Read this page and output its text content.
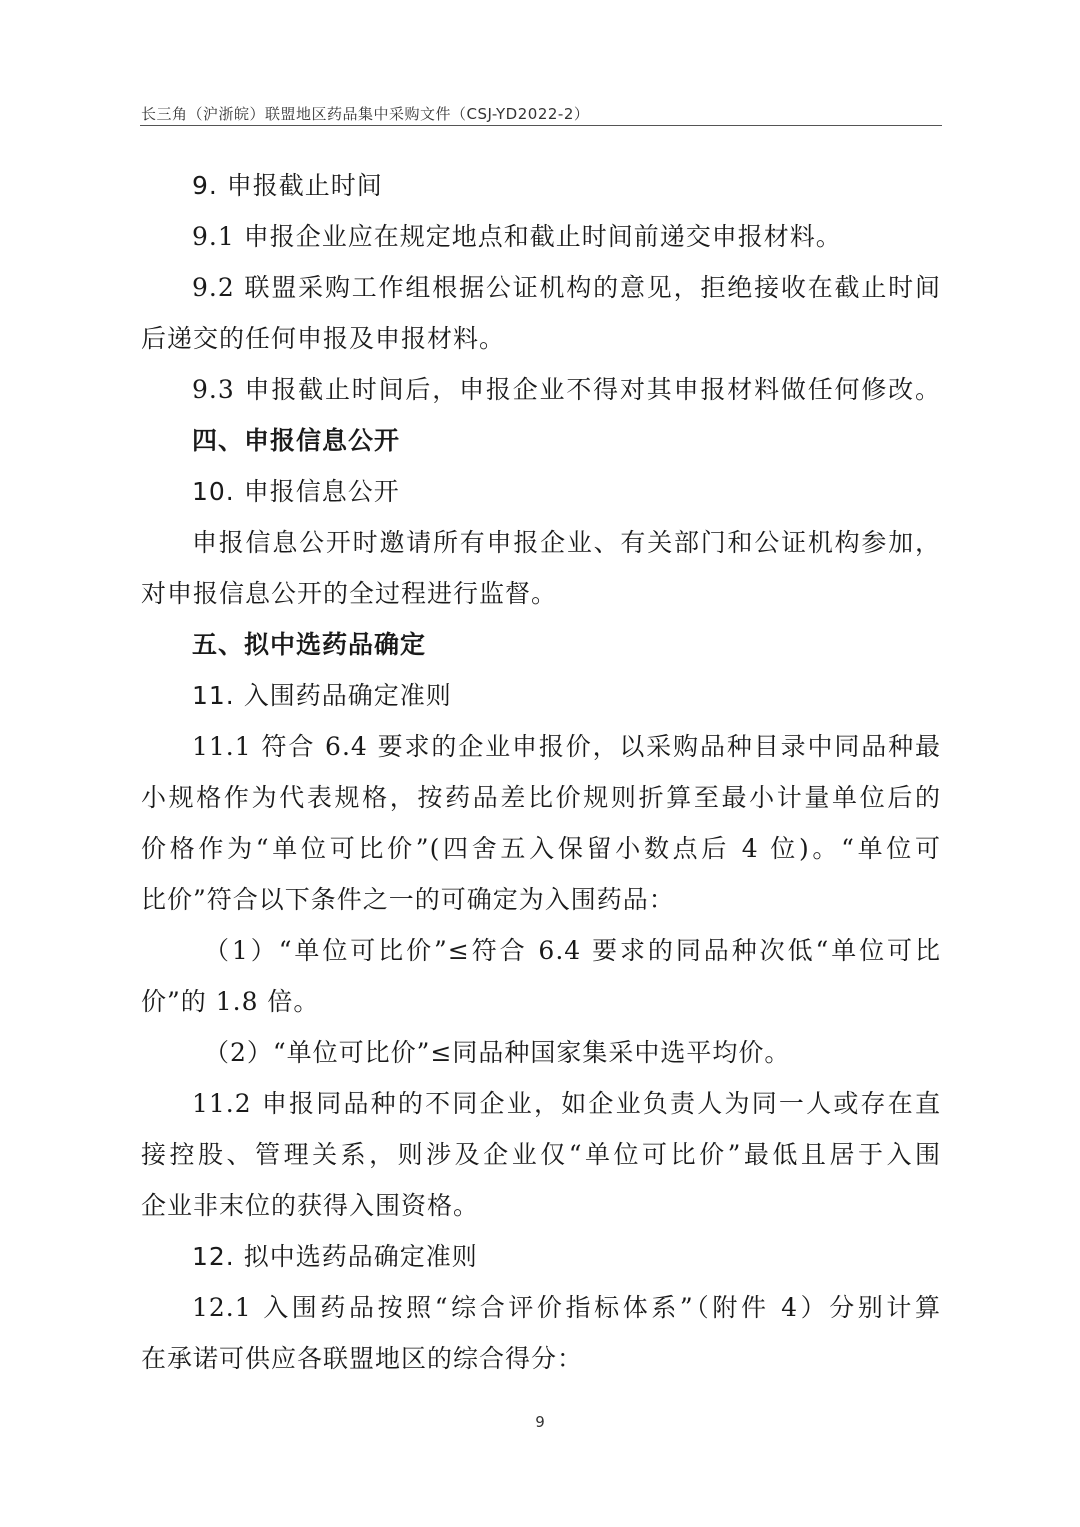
长三角（沪浙皖）联盟地区药品集中采购文件（CSJ-YD2022-2）
9. 申报截止时间
9.1 申报企业应在规定地点和截止时间前递交申报材料。
9.2 联盟采购工作组根据公证机构的意见，拒绝接收在截止时间
后递交的任何申报及申报材料。
9.3 申报截止时间后，申报企业不得对其申报材料做任何修改。
四、申报信息公开
10. 申报信息公开
申报信息公开时邀请所有申报企业、有关部门和公证机构参加，
对申报信息公开的全过程进行监督。
五、拟中选药品确定
11. 入围药品确定准则
11.1 符合 6.4 要求的企业申报价，以采购品种目录中同品种最
小规格作为代表规格，按药品差比价规则折算至最小计量单位后的
价格作为“单位可比价”(四舍五入保留小数点后 4 位)。“单位可
比价”符合以下条件之一的可确定为入围药品：
（1）“单位可比价”≤符合 6.4 要求的同品种次低“单位可比
价”的 1.8 倍。
（2）“单位可比价”≤同品种国家集采中选平均价。
11.2 申报同品种的不同企业，如企业负责人为同一人或存在直
接控股、管理关系，则涉及企业仅“单位可比价”最低且居于入围
企业非末位的获得入围资格。
12. 拟中选药品确定准则
12.1 入围药品按照“综合评价指标体系”（附件 4）分别计算
在承诺可供应各联盟地区的综合得分：
9
